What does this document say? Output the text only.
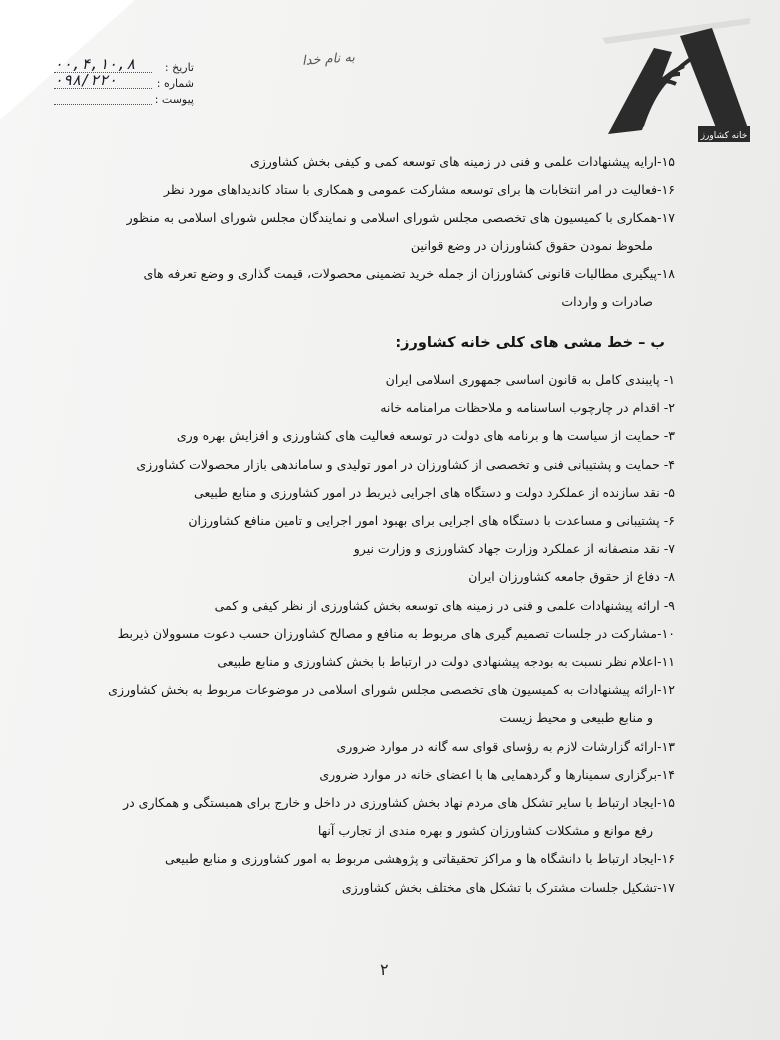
تاریخ :
۰۰,۴,۱۰,۸
شماره :
۰۹۸/۲۲۰
پیوست :
به نام خدا
خانه کشاورز
۱۵-ارایه پیشنهادات علمی و فنی در زمینه های توسعه کمی و کیفی بخش کشاورزی
۱۶-فعالیت در امر انتخابات ها برای توسعه مشارکت عمومی و همکاری با ستاد کاندیداهای مورد نظر
۱۷-همکاری با کمیسیون های تخصصی مجلس شورای اسلامی و نمایندگان مجلس شورای اسلامی به منظور
ملحوظ نمودن حقوق کشاورزان در وضع قوانین
۱۸-پیگیری مطالبات قانونی کشاورزان از جمله خرید تضمینی محصولات، قیمت گذاری و وضع تعرفه های
صادرات و واردات
ب – خط مشی های کلی خانه کشاورز:
۱- پایبندی کامل به قانون اساسی جمهوری اسلامی ایران
۲- اقدام در چارچوب اساسنامه و ملاحظات مرامنامه خانه
۳- حمایت از سیاست ها و برنامه های دولت در توسعه فعالیت های کشاورزی و افزایش بهره وری
۴- حمایت و پشتیبانی فنی و تخصصی از کشاورزان در امور تولیدی و ساماندهی بازار محصولات کشاورزی
۵- نقد سازنده از عملکرد دولت و دستگاه های اجرایی ذیربط در امور کشاورزی و منابع طبیعی
۶- پشتیبانی و مساعدت با دستگاه های اجرایی برای بهبود امور اجرایی و تامین منافع کشاورزان
۷- نقد منصفانه از عملکرد وزارت جهاد کشاورزی و وزارت نیرو
۸- دفاع از حقوق جامعه کشاورزان ایران
۹- ارائه پیشنهادات علمی و فنی در زمینه های توسعه بخش کشاورزی از نظر کیفی و کمی
۱۰-مشارکت در جلسات تصمیم گیری های مربوط به منافع و مصالح کشاورزان حسب دعوت مسوولان ذیربط
۱۱-اعلام نظر نسبت به بودجه پیشنهادی دولت در ارتباط با بخش کشاورزی و منابع طبیعی
۱۲-ارائه پیشنهادات به کمیسیون های تخصصی مجلس شورای اسلامی در موضوعات مربوط به بخش کشاورزی
و منابع طبیعی و محیط زیست
۱۳-ارائه گزارشات لازم به رؤسای قوای سه گانه در موارد ضروری
۱۴-برگزاری سمینارها و گردهمایی ها با اعضای خانه در موارد ضروری
۱۵-ایجاد ارتباط با سایر تشکل های مردم نهاد بخش کشاورزی در داخل و خارج برای همبستگی و همکاری در
رفع موانع و مشکلات کشاورزان کشور و بهره مندی از تجارب آنها
۱۶-ایجاد ارتباط با دانشگاه ها و مراکز تحقیقاتی و پژوهشی مربوط به امور کشاورزی و منابع طبیعی
۱۷-تشکیل جلسات مشترک با تشکل های مختلف بخش کشاورزی
۲
